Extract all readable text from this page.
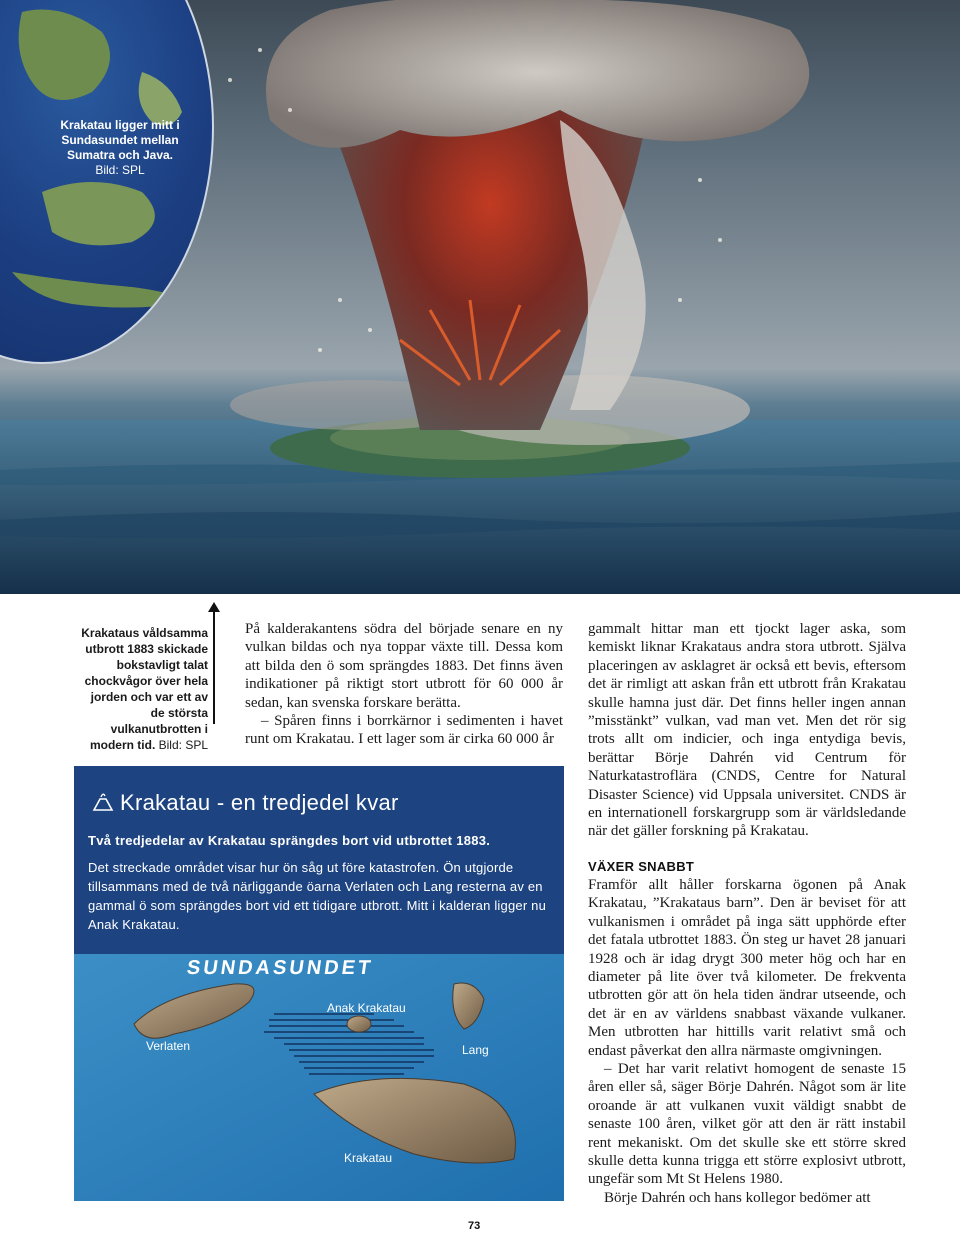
Krakatau ligger mitt i Sundasundet mellan Sumatra och Java.
Bild: SPL
Krakataus våldsamma utbrott 1883 skickade bokstavligt talat chockvågor över hela jorden och var ett av de största vulkanutbrotten i modern tid. Bild: SPL

På kalderakantens södra del började senare en ny vulkan bildas och nya toppar växte till. Dessa kom att bilda den ö som sprängdes 1883. Det finns även indikationer på riktigt stort utbrott för 60 000 år sedan, kan svenska forskare berätta.

– Spåren finns i borrkärnor i sedimenten i havet runt om Krakatau. I ett lager som är cirka 60 000 år

Krakatau - en tredjedel kvar
Två tredjedelar av Krakatau sprängdes bort vid utbrottet 1883.
Det streckade området visar hur ön såg ut före katastrofen. Ön utgjorde tillsammans med de två närliggande öarna Verlaten och Lang resterna av en gammal ö som sprängdes bort vid ett tidigare utbrott. Mitt i kalderan ligger nu Anak Krakatau.
SUNDASUNDET
Verlaten
Anak Krakatau
Lang
Krakatau

gammalt hittar man ett tjockt lager aska, som kemiskt liknar Krakataus andra stora utbrott. Själva placeringen av asklagret är också ett bevis, eftersom det är rimligt att askan från ett utbrott från Krakatau skulle hamna just där. Det finns heller ingen annan ”misstänkt” vulkan, vad man vet. Men det rör sig trots allt om indicier, och inga entydiga bevis, berättar Börje Dahrén vid Centrum för Naturkatastroflära (CNDS, Centre for Natural Disaster Science) vid Uppsala universitet. CNDS är en internationell forskargrupp som är världsledande när det gäller forskning på Krakatau.

VÄXER SNABBT

Framför allt håller forskarna ögonen på Anak Krakatau, ”Krakataus barn”. Den är beviset för att vulkanismen i området på inga sätt upphörde efter det fatala utbrottet 1883. Ön steg ur havet 28 januari 1928 och är idag drygt 300 meter hög och har en diameter på lite över två kilometer. De frekventa utbrotten gör att ön hela tiden ändrar utseende, och det är en av världens snabbast växande vulkaner. Men utbrotten har hittills varit relativt små och endast påverkat den allra närmaste omgivningen.

– Det har varit relativt homogent de senaste 15 åren eller så, säger Börje Dahrén. Något som är lite oroande är att vulkanen vuxit väldigt snabbt de senaste 100 åren, vilket gör att den är rätt instabil rent mekaniskt. Om det skulle ske ett större skred skulle detta kunna trigga ett större explosivt utbrott, ungefär som Mt St Helens 1980.

Börje Dahrén och hans kollegor bedömer att

73
